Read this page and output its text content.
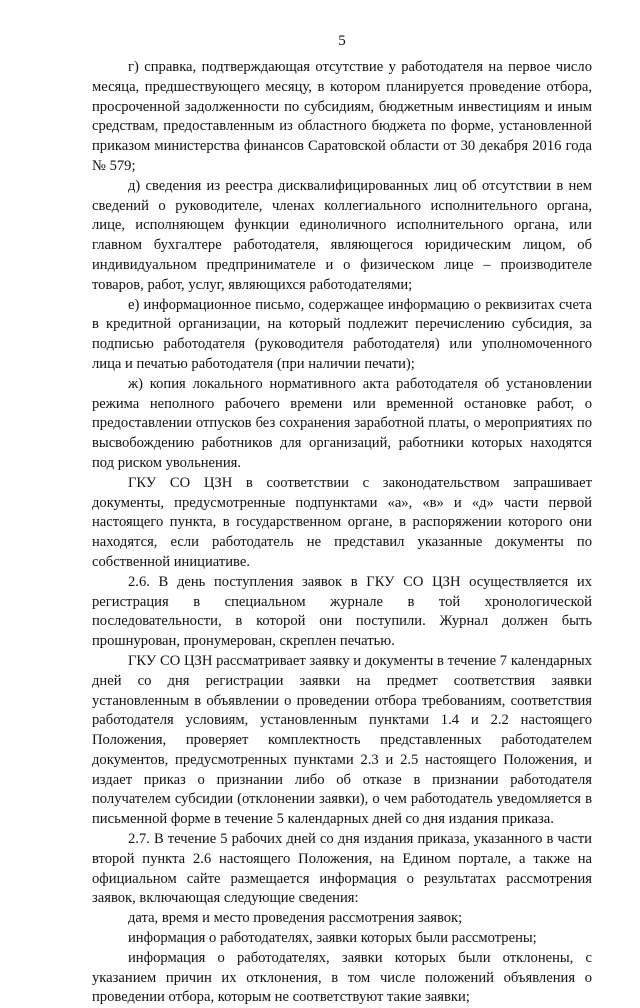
5

г) справка, подтверждающая отсутствие у работодателя на первое число месяца, предшествующего месяцу, в котором планируется проведение отбора, просроченной задолженности по субсидиям, бюджетным инвестициям и иным средствам, предоставленным из областного бюджета по форме, установленной приказом министерства финансов Саратовской области от 30 декабря 2016 года № 579;

д) сведения из реестра дисквалифицированных лиц об отсутствии в нем сведений о руководителе, членах коллегиального исполнительного органа, лице, исполняющем функции единоличного исполнительного органа, или главном бухгалтере работодателя, являющегося юридическим лицом, об индивидуальном предпринимателе и о физическом лице – производителе товаров, работ, услуг, являющихся работодателями;

е) информационное письмо, содержащее информацию о реквизитах счета в кредитной организации, на который подлежит перечислению субсидия, за подписью работодателя (руководителя работодателя) или уполномоченного лица и печатью работодателя (при наличии печати);

ж) копия локального нормативного акта работодателя об установлении режима неполного рабочего времени или временной остановке работ, о предоставлении отпусков без сохранения заработной платы, о мероприятиях по высвобождению работников для организаций, работники которых находятся под риском увольнения.

ГКУ СО ЦЗН в соответствии с законодательством запрашивает документы, предусмотренные подпунктами «а», «в» и «д» части первой настоящего пункта, в государственном органе, в распоряжении которого они находятся, если работодатель не представил указанные документы по собственной инициативе.

2.6. В день поступления заявок в ГКУ СО ЦЗН осуществляется их регистрация в специальном журнале в той хронологической последовательности, в которой они поступили. Журнал должен быть прошнурован, пронумерован, скреплен печатью.

ГКУ СО ЦЗН рассматривает заявку и документы в течение 7 календарных дней со дня регистрации заявки на предмет соответствия заявки установленным в объявлении о проведении отбора требованиям, соответствия работодателя условиям, установленным пунктами 1.4 и 2.2 настоящего Положения, проверяет комплектность представленных работодателем документов, предусмотренных пунктами 2.3 и 2.5 настоящего Положения, и издает приказ о признании либо об отказе в признании работодателя получателем субсидии (отклонении заявки), о чем работодатель уведомляется в письменной форме в течение 5 календарных дней со дня издания приказа.

2.7. В течение 5 рабочих дней со дня издания приказа, указанного в части второй пункта 2.6 настоящего Положения, на Едином портале, а также на официальном сайте размещается информация о результатах рассмотрения заявок, включающая следующие сведения:

дата, время и место проведения рассмотрения заявок;

информация о работодателях, заявки которых были рассмотрены;

информация о работодателях, заявки которых были отклонены, с указанием причин их отклонения, в том числе положений объявления о проведении отбора, которым не соответствуют такие заявки;
